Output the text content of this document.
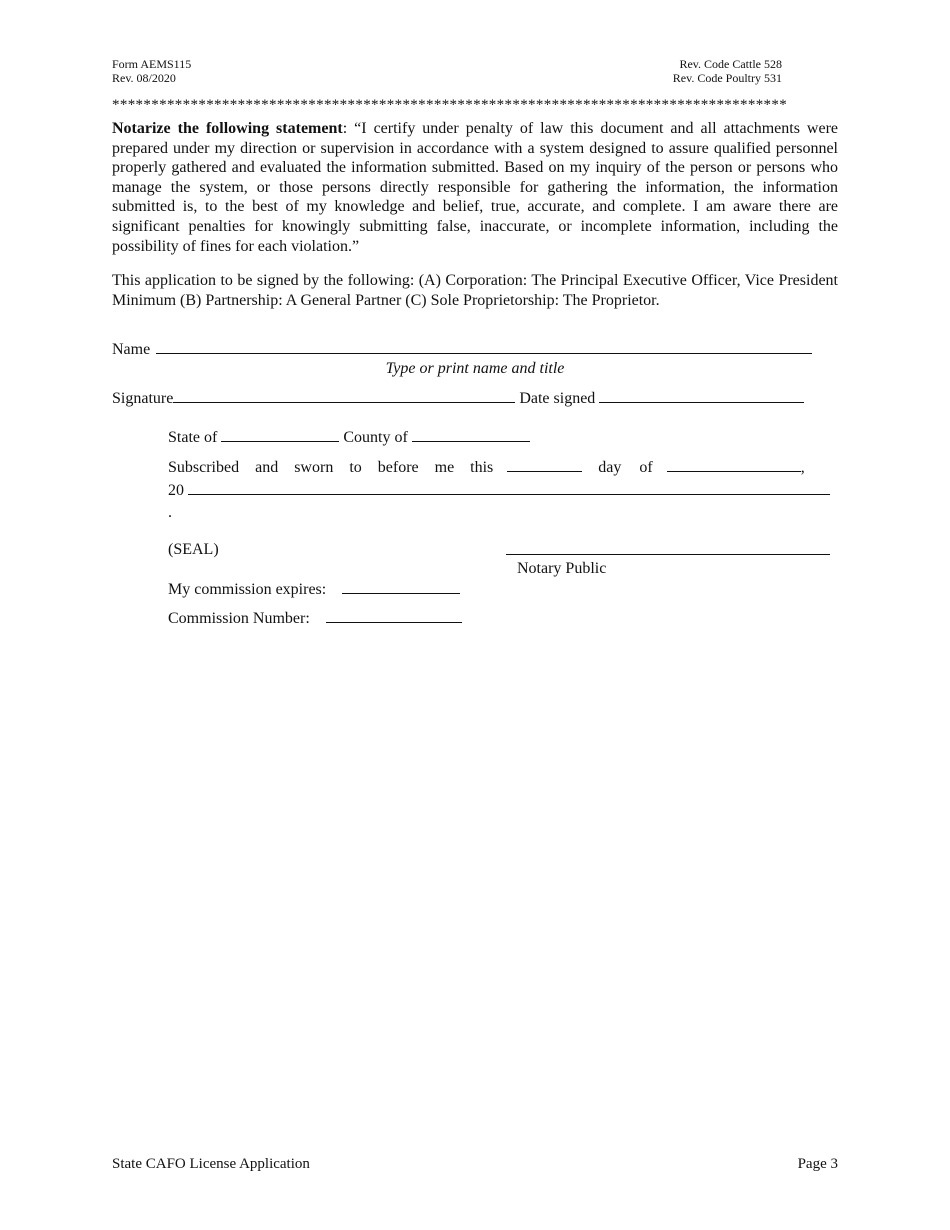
Form AEMS115
Rev. 08/2020
Rev. Code Cattle 528
Rev. Code Poultry 531
**************************************************************************************
Notarize the following statement: “I certify under penalty of law this document and all attachments were prepared under my direction or supervision in accordance with a system designed to assure qualified personnel properly gathered and evaluated the information submitted. Based on my inquiry of the person or persons who manage the system, or those persons directly responsible for gathering the information, the information submitted is, to the best of my knowledge and belief, true, accurate, and complete. I am aware there are significant penalties for knowingly submitting false, inaccurate, or incomplete information, including the possibility of fines for each violation.”
This application to be signed by the following: (A) Corporation: The Principal Executive Officer, Vice President Minimum (B) Partnership: A General Partner (C) Sole Proprietorship: The Proprietor.
Name
Type or print name and title
Signature	Date signed
State of	County of
Subscribed and sworn to before me this	day of	,
20
.
(SEAL)
Notary Public
My commission expires:
Commission Number:
State CAFO License Application	Page 3
